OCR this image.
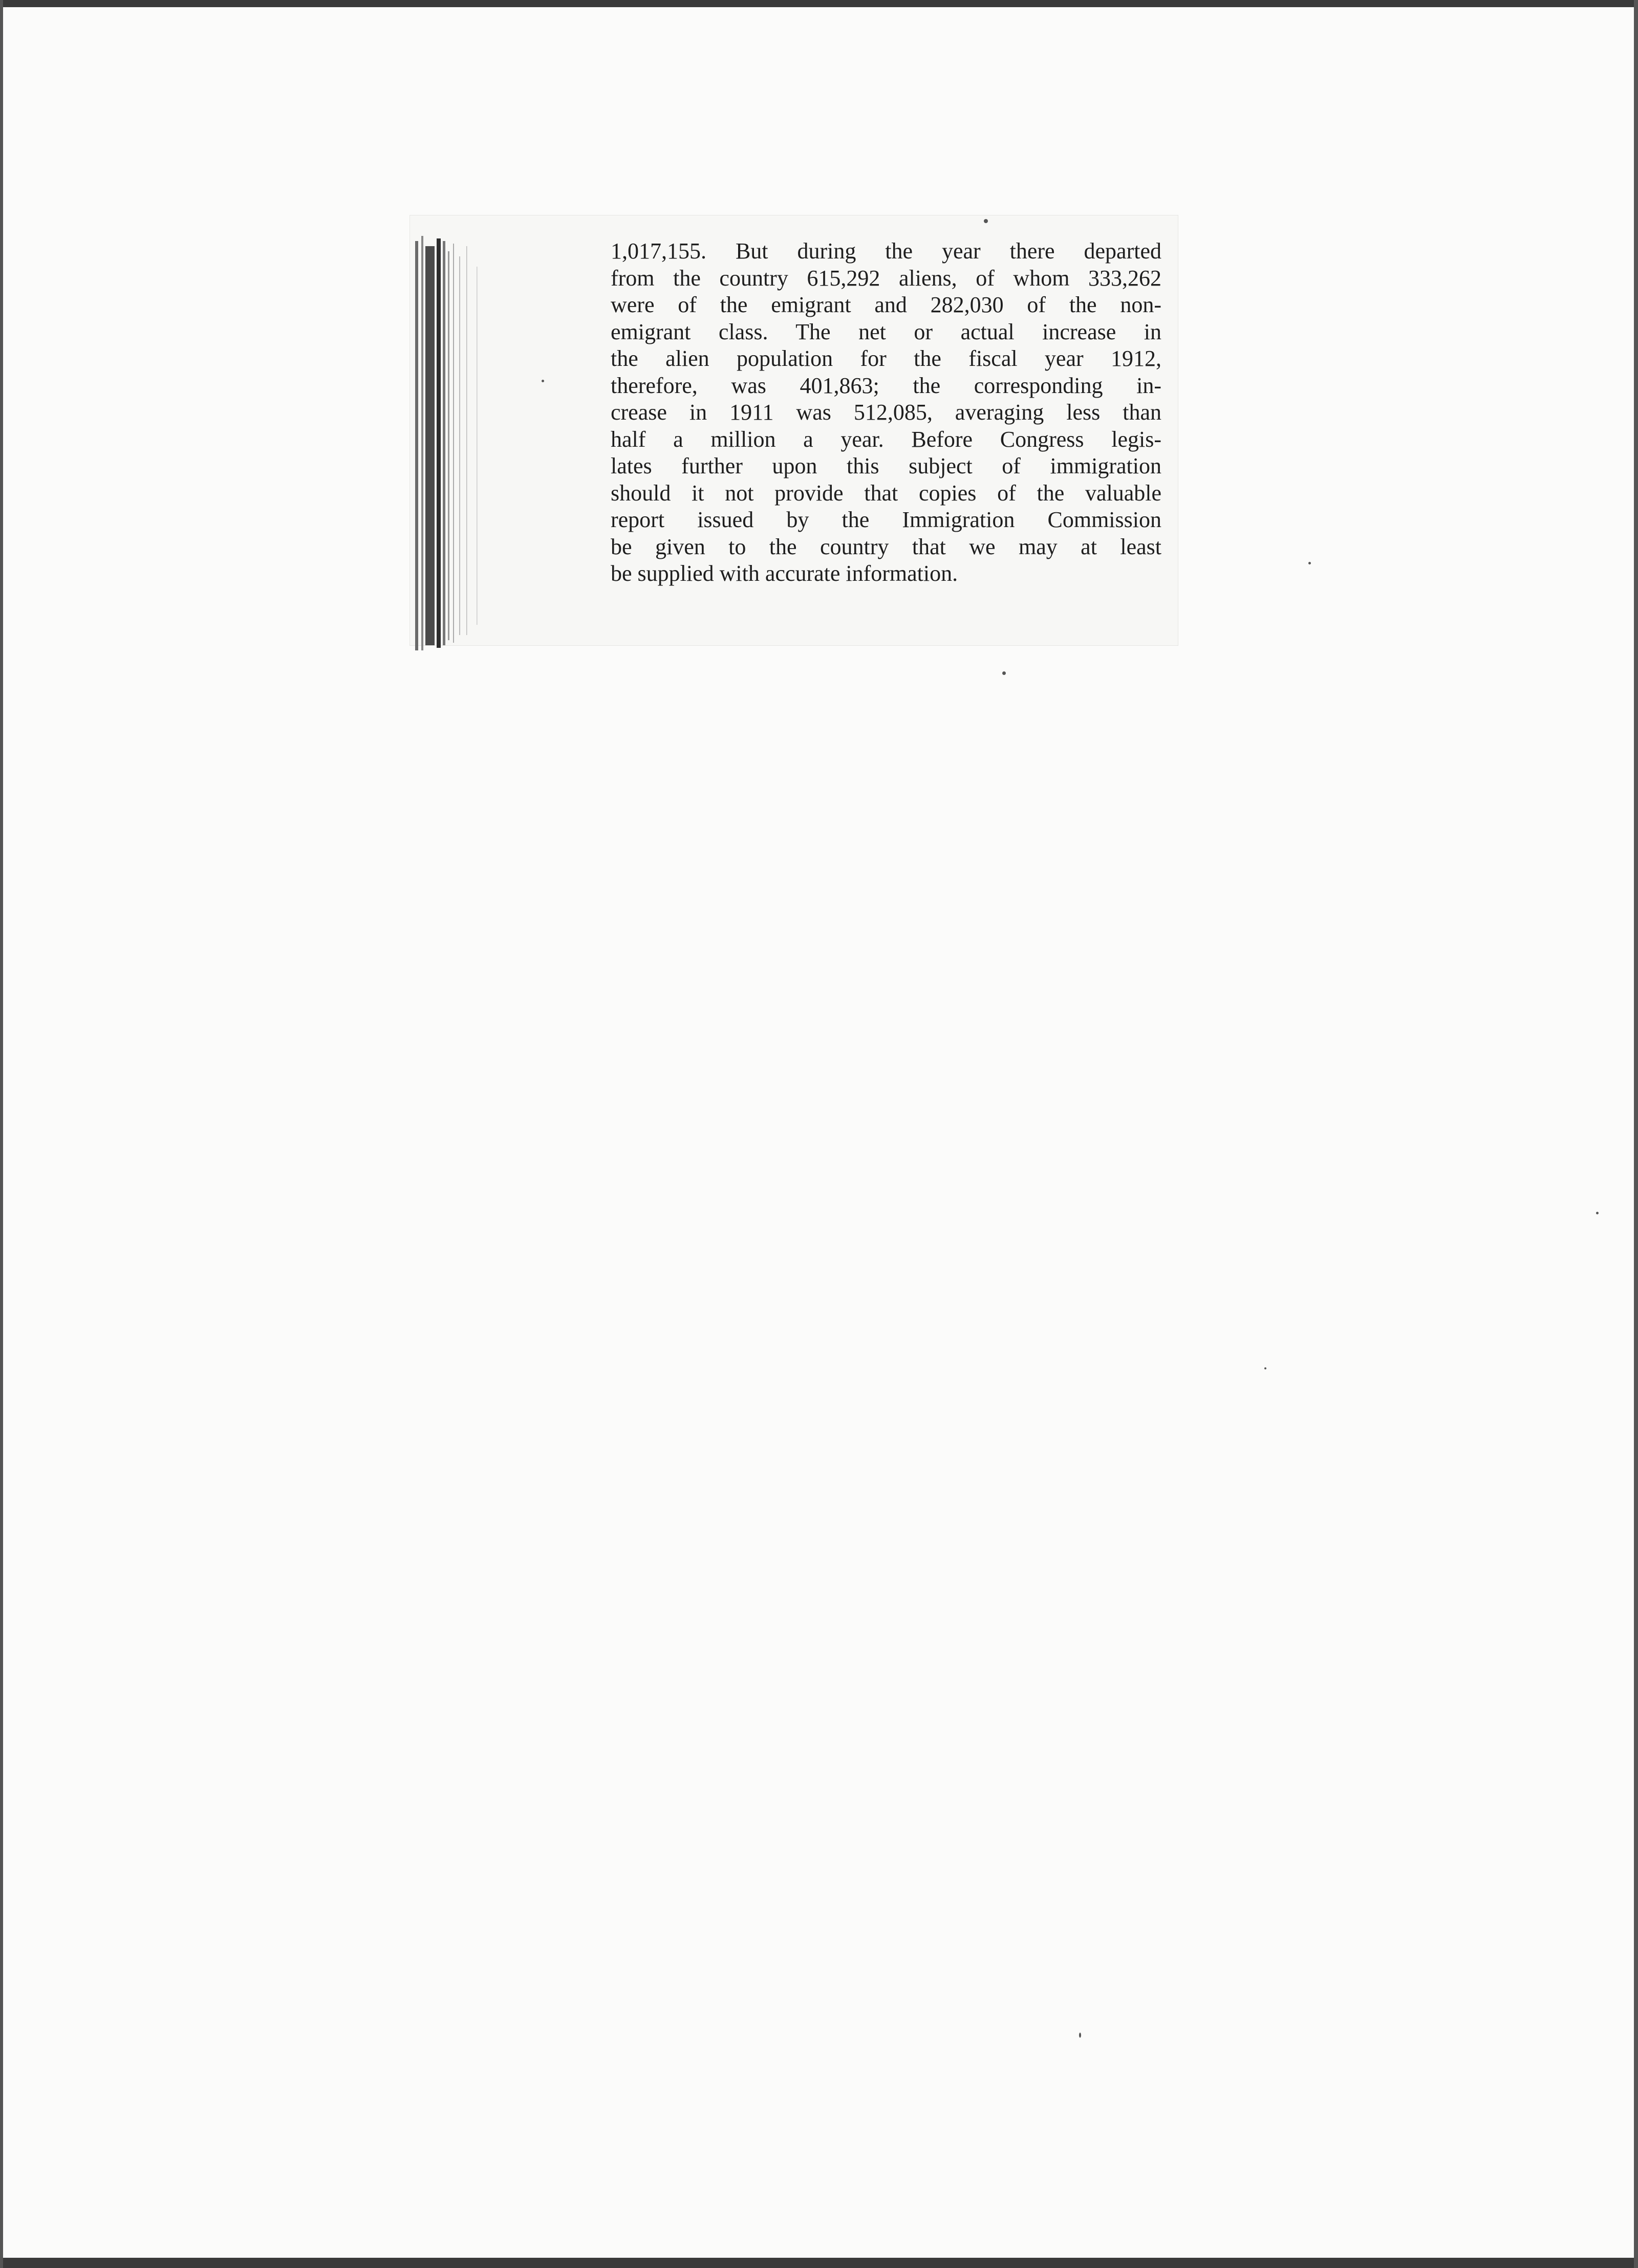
1,017,155. But during the year there departed
from the country 615,292 aliens, of whom 333,262
were of the emigrant and 282,030 of the non-
emigrant class. The net or actual increase in
the alien population for the fiscal year 1912,
therefore, was 401,863; the corresponding in-
crease in 1911 was 512,085, averaging less than
half a million a year. Before Congress legis-
lates further upon this subject of immigration
should it not provide that copies of the valuable
report issued by the Immigration Commission
be given to the country that we may at least
be supplied with accurate information.
